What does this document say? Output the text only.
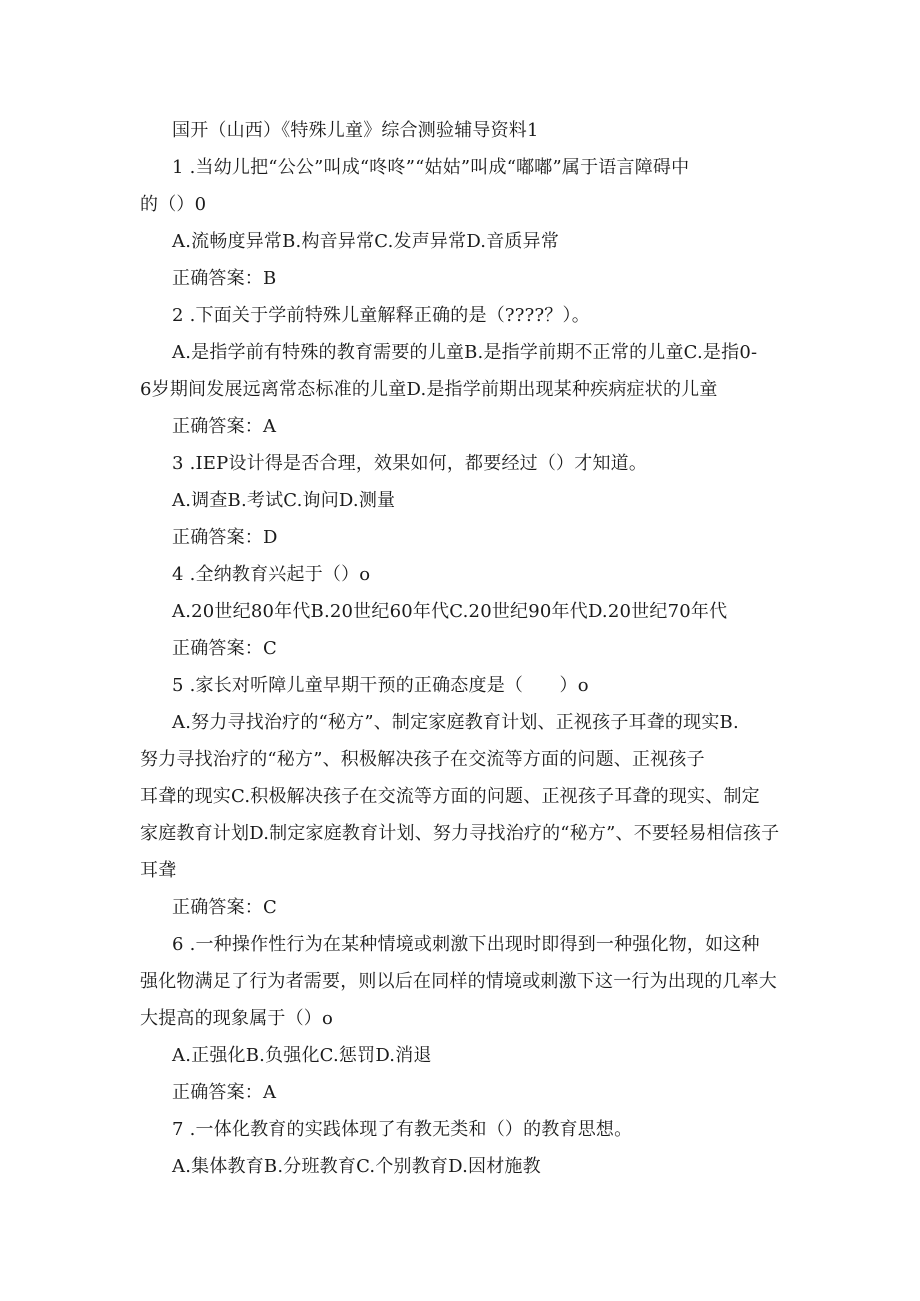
国开（山西）《特殊儿童》综合测验辅导资料1

1 .当幼儿把“公公”叫成“咚咚”“姑姑”叫成“嘟嘟”属于语言障碍中

的（）0

A.流畅度异常B.构音异常C.发声异常D.音质异常

正确答案：B

2 .下面关于学前特殊儿童解释正确的是（????？）。

A.是指学前有特殊的教育需要的儿童B.是指学前期不正常的儿童C.是指0-

6岁期间发展远离常态标准的儿童D.是指学前期出现某种疾病症状的儿童

正确答案：A

3 .IEP设计得是否合理，效果如何，都要经过（）才知道。

A.调查B.考试C.询问D.测量

正确答案：D

4 .全纳教育兴起于（）o

A.20世纪80年代B.20世纪60年代C.20世纪90年代D.20世纪70年代

正确答案：C

5 .家长对听障儿童早期干预的正确态度是（　　）o

A.努力寻找治疗的“秘方”、制定家庭教育计划、正视孩子耳聋的现实B.

努力寻找治疗的“秘方”、积极解决孩子在交流等方面的问题、正视孩子

耳聋的现实C.积极解决孩子在交流等方面的问题、正视孩子耳聋的现实、制定

家庭教育计划D.制定家庭教育计划、努力寻找治疗的“秘方”、不要轻易相信孩子

耳聋

正确答案：C

6 .一种操作性行为在某种情境或刺激下出现时即得到一种强化物，如这种

强化物满足了行为者需要，则以后在同样的情境或刺激下这一行为出现的几率大

大提高的现象属于（）o

A.正强化B.负强化C.惩罚D.消退

正确答案：A

7 .一体化教育的实践体现了有教无类和（）的教育思想。

A.集体教育B.分班教育C.个别教育D.因材施教
